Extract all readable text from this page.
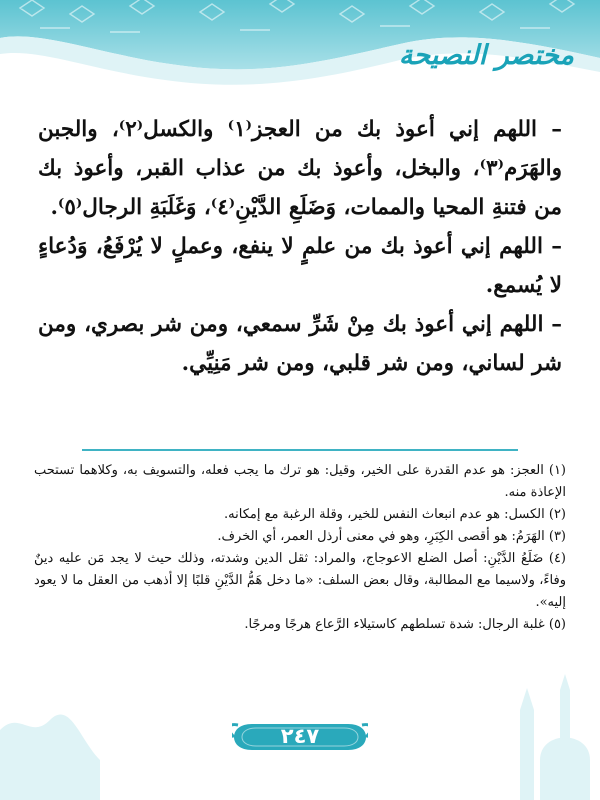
مختصر النصيحة

– اللهم إني أعوذ بك من العجز⁽١⁾ والكسل⁽٢⁾، والجبن والهَرَم⁽٣⁾، والبخل، وأعوذ بك من عذاب القبر، وأعوذ بك من فتنةِ المحيا والممات، وَضَلَعِ الدَّيْنِ⁽٤⁾، وَغَلَبَةِ الرجال⁽٥⁾.

– اللهم إني أعوذ بك من علمٍ لا ينفع، وعملٍ لا يُرْفَعُ، وَدُعاءٍ لا يُسمع.

– اللهم إني أعوذ بك مِنْ شَرِّ سمعي، ومن شر بصري، ومن شر لساني، ومن شر قلبي، ومن شر مَنِيِّي.

(١) العجز: هو عدم القدرة على الخير، وقيل: هو ترك ما يجب فعله، والتسويف به، وكلاهما تستحب الإعاذة منه.

(٢) الكسل: هو عدم انبعاث النفس للخير، وقلة الرغبة مع إمكانه.

(٣) الهَرَمُ: هو أقصى الكِبَرِ، وهو في معنى أرذل العمر، أي الخرف.

(٤) ضَلَعُ الدَّيْنِ: أصل الضلع الاعوجاج، والمراد: ثقل الدين وشدته، وذلك حيث لا يجد مَن عليه دينٌ وفاءً، ولاسيما مع المطالبة، وقال بعض السلف: «ما دخل هَمُّ الدَّيْنِ قلبًا إلا أذهب من العقل ما لا يعود إليه».

(٥) غلبة الرجال: شدة تسلطهم كاستيلاء الرَّعاع هرجًا ومرجًا.

٢٤٧
